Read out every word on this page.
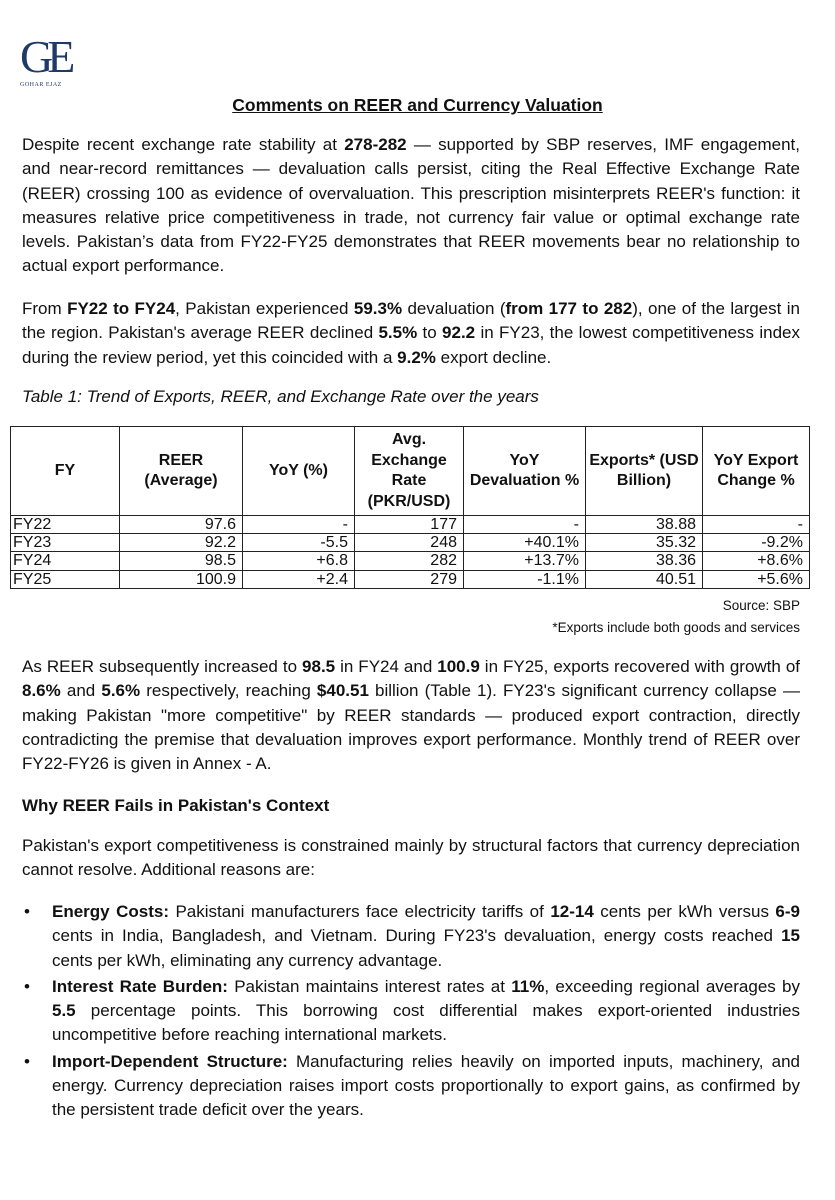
GE
GOHAR EJAZ
Comments on REER and Currency Valuation
Despite recent exchange rate stability at 278-282 — supported by SBP reserves, IMF engagement, and near-record remittances — devaluation calls persist, citing the Real Effective Exchange Rate (REER) crossing 100 as evidence of overvaluation. This prescription misinterprets REER's function: it measures relative price competitiveness in trade, not currency fair value or optimal exchange rate levels. Pakistan’s data from FY22-FY25 demonstrates that REER movements bear no relationship to actual export performance.
From FY22 to FY24, Pakistan experienced 59.3% devaluation (from 177 to 282), one of the largest in the region. Pakistan's average REER declined 5.5% to 92.2 in FY23, the lowest competitiveness index during the review period, yet this coincided with a 9.2% export decline.
Table 1: Trend of Exports, REER, and Exchange Rate over the years
FY	REER (Average)	YoY (%)	Avg. Exchange Rate (PKR/USD)	YoY Devaluation %	Exports* (USD Billion)	YoY Export Change %
FY22	97.6	-	177	-	38.88	-
FY23	92.2	-5.5	248	+40.1%	35.32	-9.2%
FY24	98.5	+6.8	282	+13.7%	38.36	+8.6%
FY25	100.9	+2.4	279	-1.1%	40.51	+5.6%
Source: SBP
*Exports include both goods and services
As REER subsequently increased to 98.5 in FY24 and 100.9 in FY25, exports recovered with growth of 8.6% and 5.6% respectively, reaching $40.51 billion (Table 1). FY23's significant currency collapse — making Pakistan "more competitive" by REER standards — produced export contraction, directly contradicting the premise that devaluation improves export performance. Monthly trend of REER over FY22-FY26 is given in Annex - A.
Why REER Fails in Pakistan's Context
Pakistan's export competitiveness is constrained mainly by structural factors that currency depreciation cannot resolve. Additional reasons are:
• Energy Costs: Pakistani manufacturers face electricity tariffs of 12-14 cents per kWh versus 6-9 cents in India, Bangladesh, and Vietnam. During FY23's devaluation, energy costs reached 15 cents per kWh, eliminating any currency advantage.
• Interest Rate Burden: Pakistan maintains interest rates at 11%, exceeding regional averages by 5.5 percentage points. This borrowing cost differential makes export-oriented industries uncompetitive before reaching international markets.
• Import-Dependent Structure: Manufacturing relies heavily on imported inputs, machinery, and energy. Currency depreciation raises import costs proportionally to export gains, as confirmed by the persistent trade deficit over the years.
